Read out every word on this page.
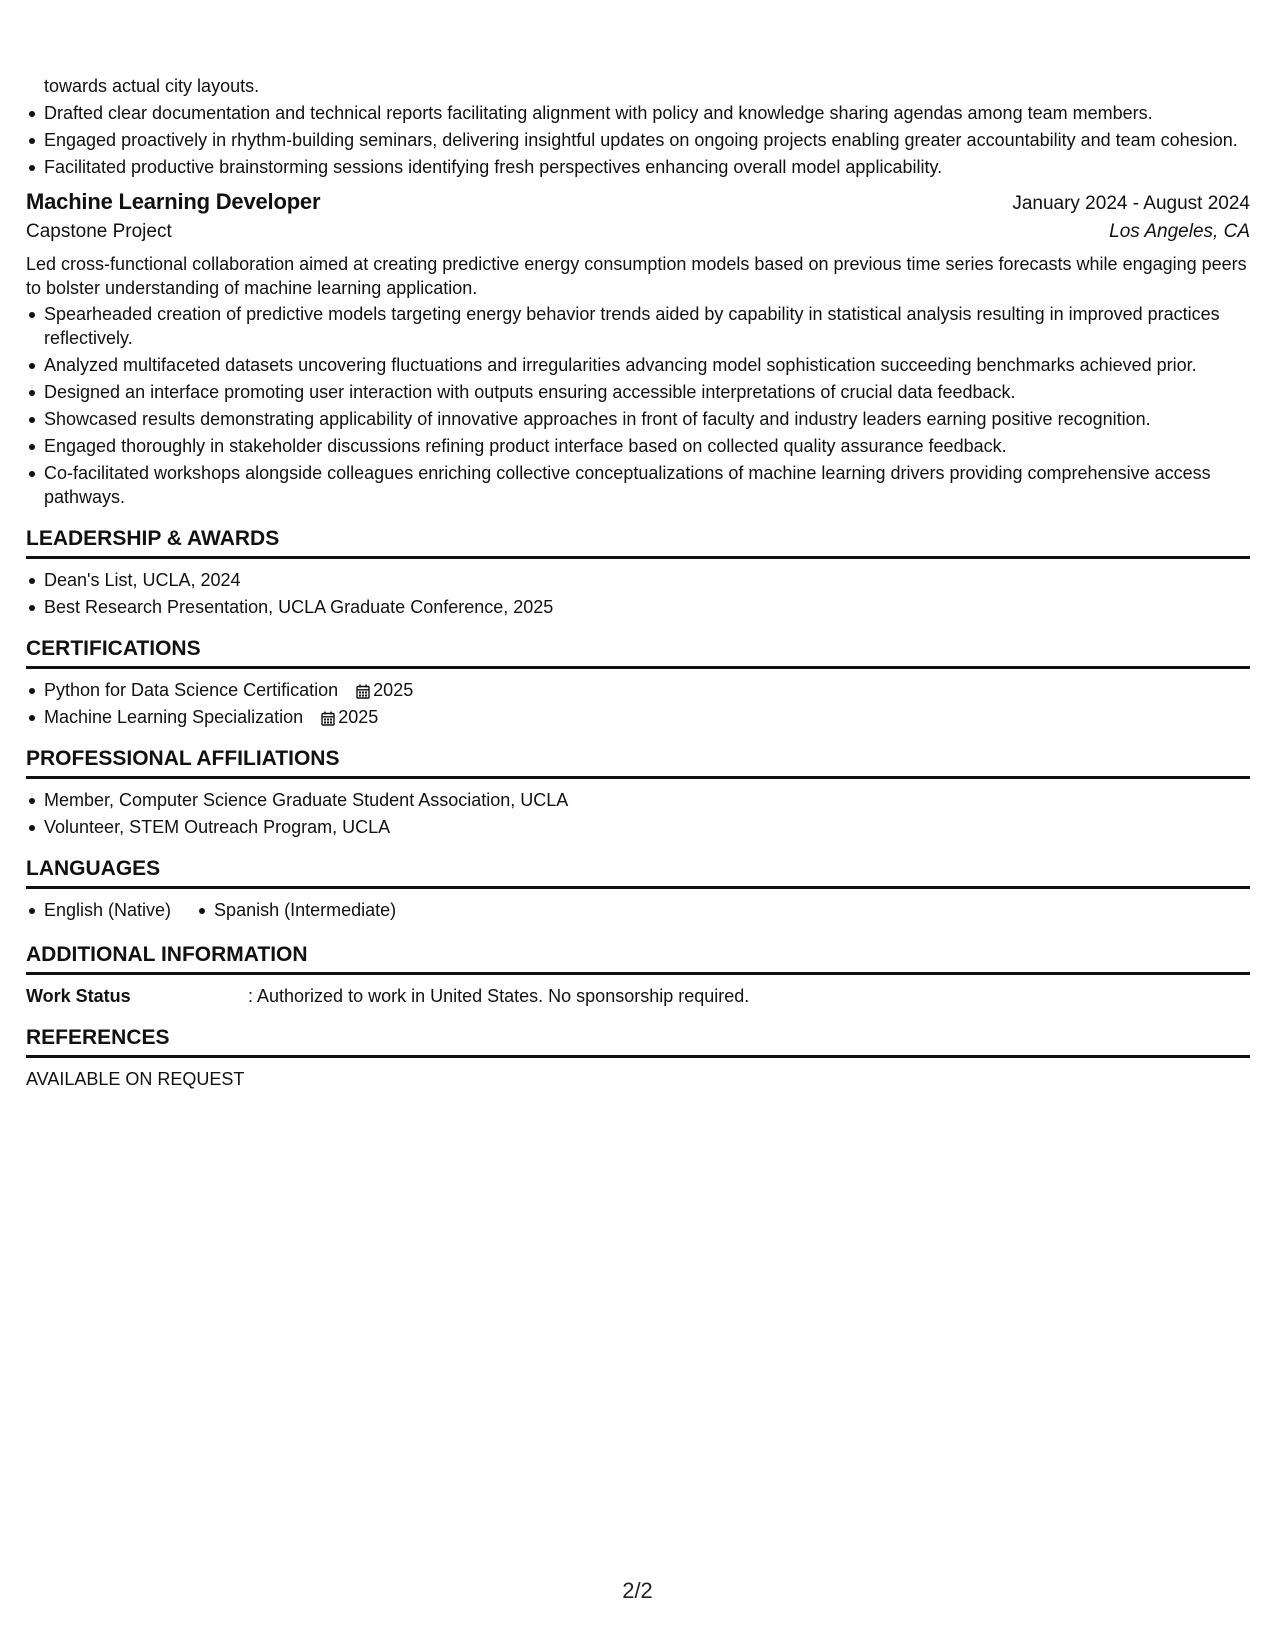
towards actual city layouts.
Drafted clear documentation and technical reports facilitating alignment with policy and knowledge sharing agendas among team members.
Engaged proactively in rhythm-building seminars, delivering insightful updates on ongoing projects enabling greater accountability and team cohesion.
Facilitated productive brainstorming sessions identifying fresh perspectives enhancing overall model applicability.
Machine Learning Developer	January 2024 - August 2024
Capstone Project	Los Angeles, CA
Led cross-functional collaboration aimed at creating predictive energy consumption models based on previous time series forecasts while engaging peers to bolster understanding of machine learning application.
Spearheaded creation of predictive models targeting energy behavior trends aided by capability in statistical analysis resulting in improved practices reflectively.
Analyzed multifaceted datasets uncovering fluctuations and irregularities advancing model sophistication succeeding benchmarks achieved prior.
Designed an interface promoting user interaction with outputs ensuring accessible interpretations of crucial data feedback.
Showcased results demonstrating applicability of innovative approaches in front of faculty and industry leaders earning positive recognition.
Engaged thoroughly in stakeholder discussions refining product interface based on collected quality assurance feedback.
Co-facilitated workshops alongside colleagues enriching collective conceptualizations of machine learning drivers providing comprehensive access pathways.
LEADERSHIP & AWARDS
Dean's List, UCLA, 2024
Best Research Presentation, UCLA Graduate Conference, 2025
CERTIFICATIONS
Python for Data Science Certification 2025
Machine Learning Specialization 2025
PROFESSIONAL AFFILIATIONS
Member, Computer Science Graduate Student Association, UCLA
Volunteer, STEM Outreach Program, UCLA
LANGUAGES
English (Native) Spanish (Intermediate)
ADDITIONAL INFORMATION
Work Status	: Authorized to work in United States. No sponsorship required.
REFERENCES
AVAILABLE ON REQUEST
2/2
